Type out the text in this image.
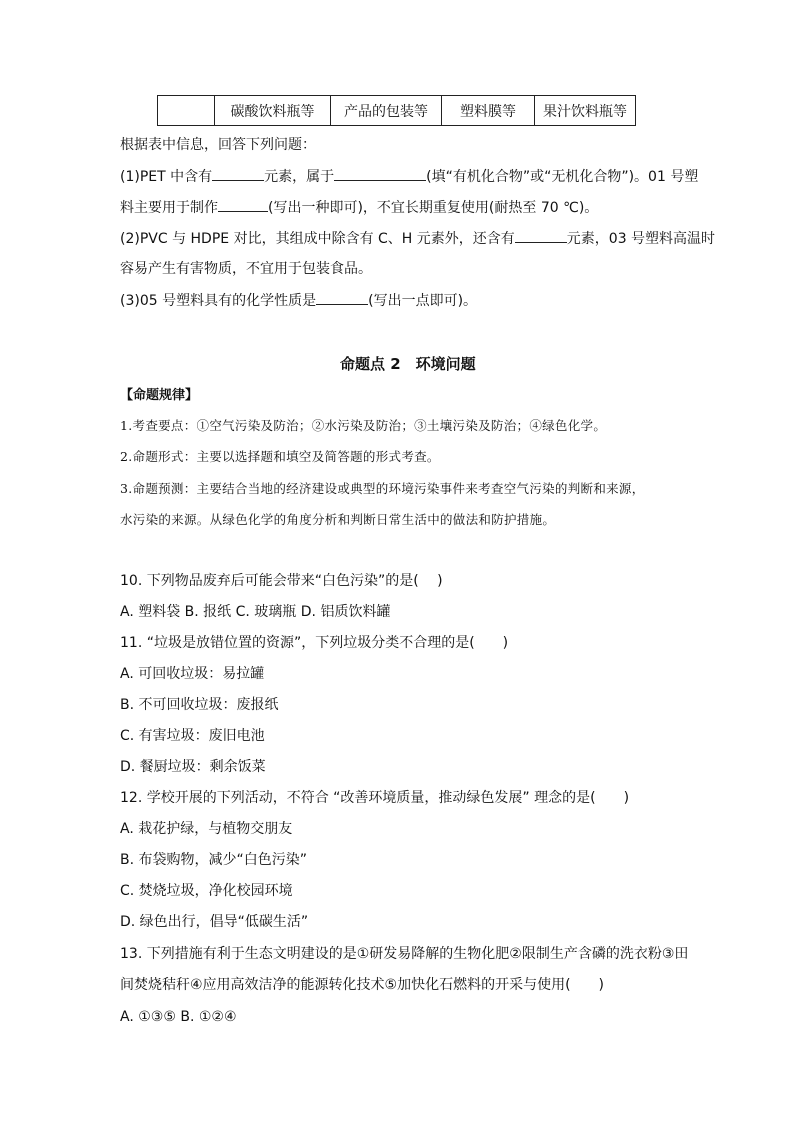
	碳酸饮料瓶等	产品的包装等	塑料膜等	果汁饮料瓶等
根据表中信息，回答下列问题：
(1)PET 中含有	元素，属于	(填“有机化合物”或“无机化合物”)。01 号塑
料主要用于制作	(写出一种即可)，不宜长期重复使用(耐热至 70 ℃)。
(2)PVC 与 HDPE 对比，其组成中除含有 C、H 元素外，还含有	元素，03 号塑料高温时
容易产生有害物质，不宜用于包装食品。
(3)05 号塑料具有的化学性质是	(写出一点即可)。
命题点 2　环境问题
【命题规律】
1.考查要点：①空气污染及防治；②水污染及防治；③土壤污染及防治；④绿色化学。
2.命题形式：主要以选择题和填空及简答题的形式考查。
3.命题预测：主要结合当地的经济建设或典型的环境污染事件来考查空气污染的判断和来源，
水污染的来源。从绿色化学的角度分析和判断日常生活中的做法和防护措施。
10. 下列物品废弃后可能会带来“白色污染”的是(　 )
A. 塑料袋 B. 报纸 C. 玻璃瓶 D. 铝质饮料罐
11. “垃圾是放错位置的资源”，下列垃圾分类不合理的是(　　)
A. 可回收垃圾：易拉罐
B. 不可回收垃圾：废报纸
C. 有害垃圾：废旧电池
D. 餐厨垃圾：剩余饭菜
12. 学校开展的下列活动，不符合 “改善环境质量，推动绿色发展” 理念的是(　　)
A. 栽花护绿，与植物交朋友
B. 布袋购物，减少“白色污染”
C. 焚烧垃圾，净化校园环境
D. 绿色出行，倡导“低碳生活”
13. 下列措施有利于生态文明建设的是①研发易降解的生物化肥②限制生产含磷的洗衣粉③田
间焚烧秸秆④应用高效洁净的能源转化技术⑤加快化石燃料的开采与使用(　　)
A. ①③⑤ B. ①②④
